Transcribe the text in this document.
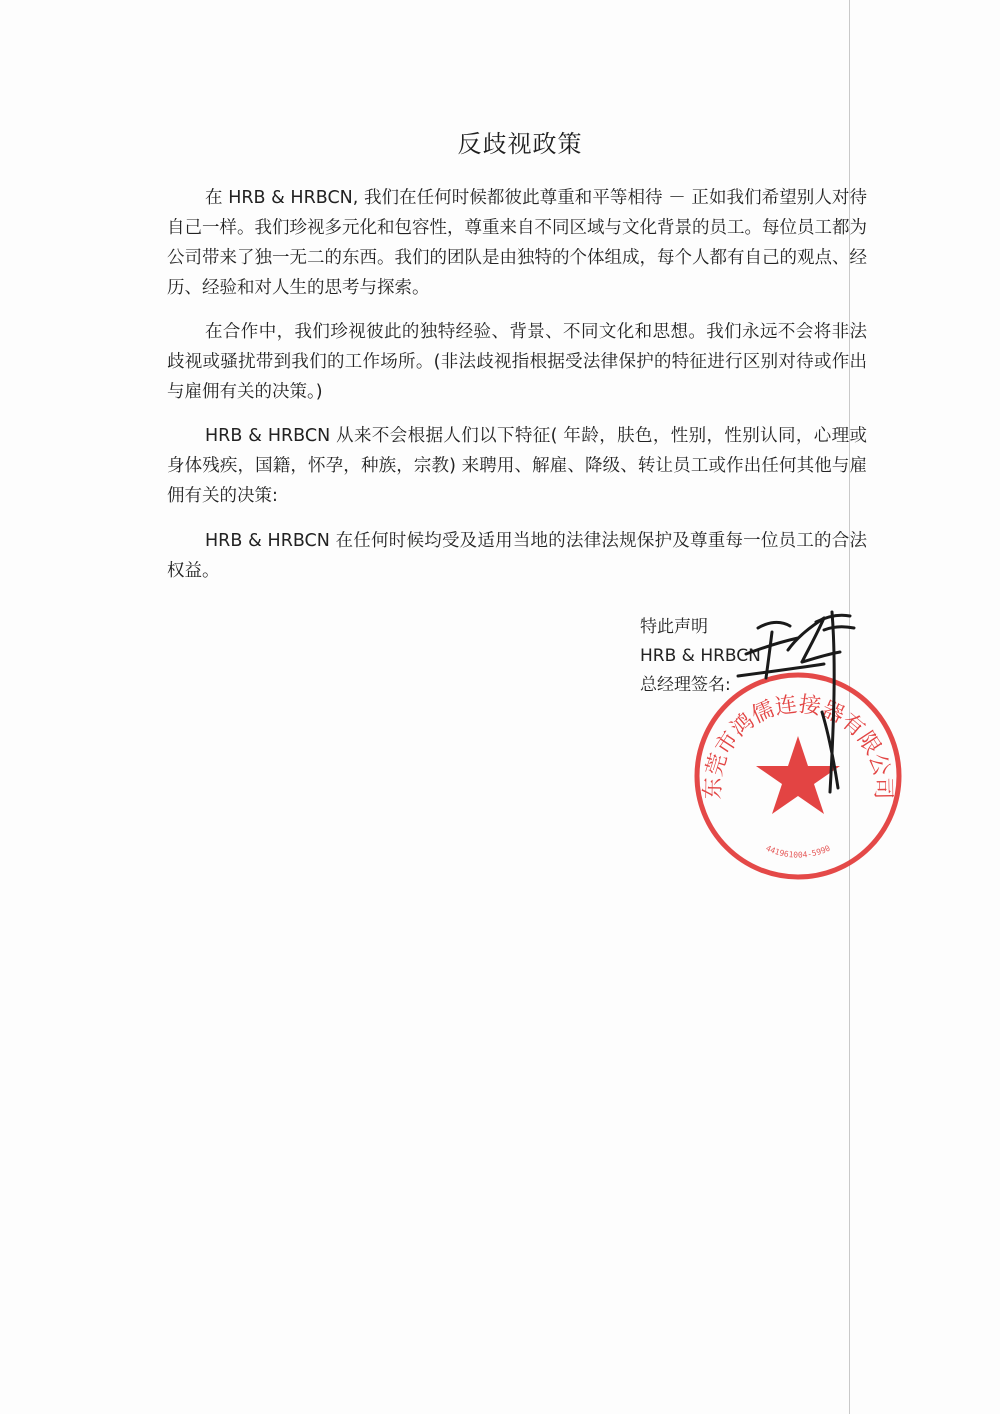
反歧视政策

在 HRB & HRBCN, 我们在任何时候都彼此尊重和平等相待 － 正如我们希望别人对待自己一样。我们珍视多元化和包容性，尊重来自不同区域与文化背景的员工。每位员工都为公司带来了独一无二的东西。我们的团队是由独特的个体组成，每个人都有自己的观点、经历、经验和对人生的思考与探索。

在合作中，我们珍视彼此的独特经验、背景、不同文化和思想。我们永远不会将非法歧视或骚扰带到我们的工作场所。(非法歧视指根据受法律保护的特征进行区别对待或作出与雇佣有关的决策。)

HRB & HRBCN 从来不会根据人们以下特征( 年龄，肤色，性别，性别认同，心理或身体残疾，国籍，怀孕，种族，宗教) 来聘用、解雇、降级、转让员工或作出任何其他与雇佣有关的决策:

HRB & HRBCN 在任何时候均受及适用当地的法律法规保护及尊重每一位员工的合法权益。

特此声明
HRB & HRBCN
总经理签名:
东莞市鸿儒连接器有限公司
441961004-5990
